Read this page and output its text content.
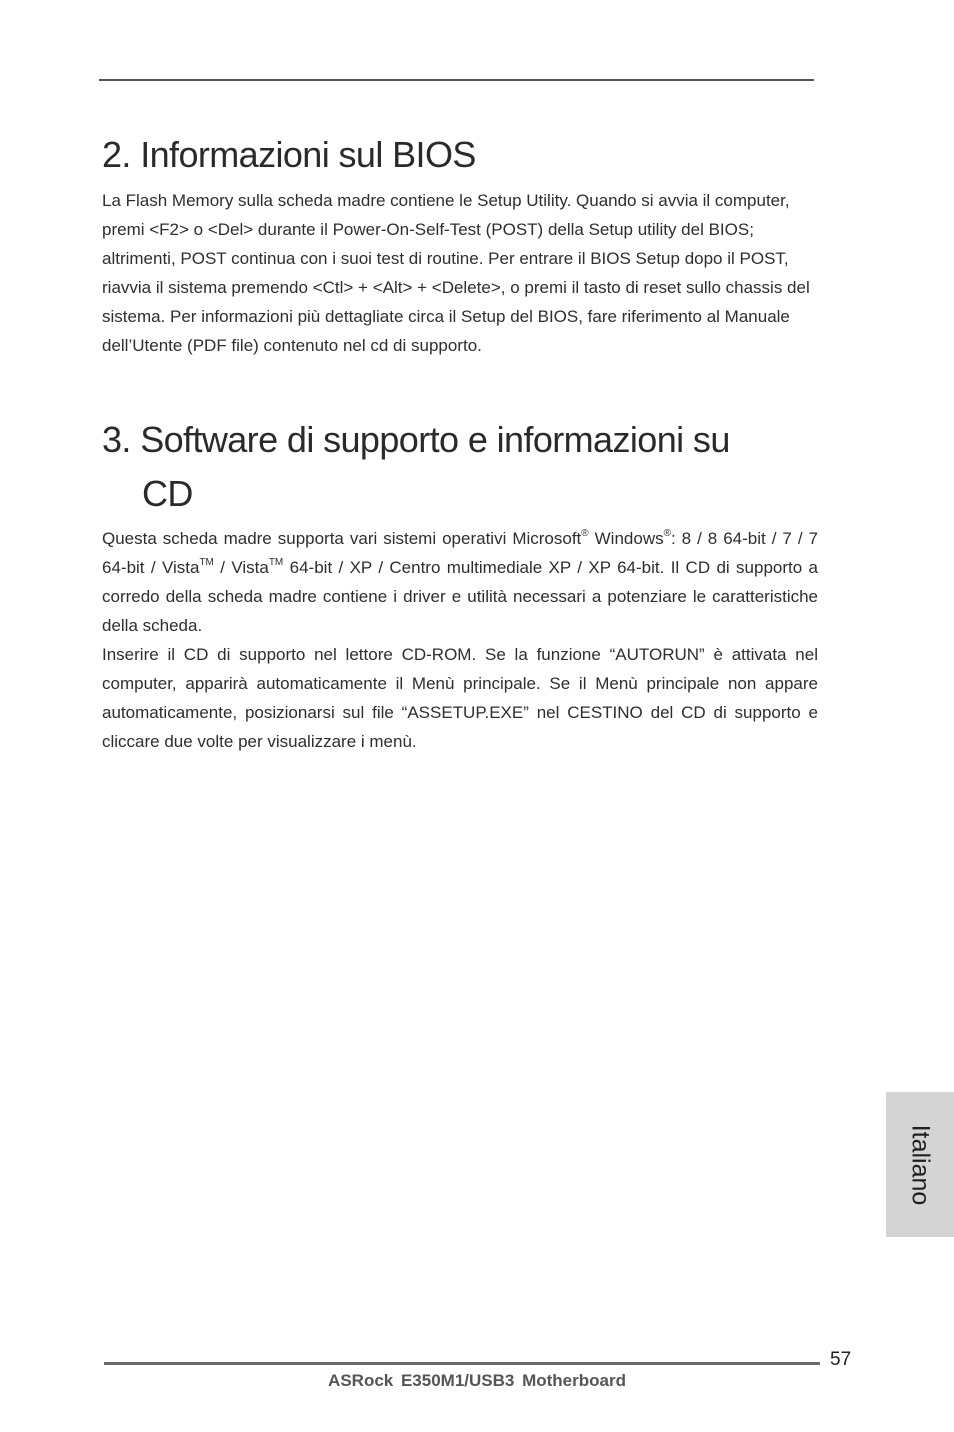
2. Informazioni sul BIOS

La Flash Memory sulla scheda madre contiene le Setup Utility. Quando si avvia il computer, premi <F2> o <Del> durante il Power-On-Self-Test (POST) della Setup utility del BIOS; altrimenti, POST continua con i suoi test di routine. Per entrare il BIOS Setup dopo il POST, riavvia il sistema premendo <Ctl> + <Alt> + <Delete>, o premi il tasto di reset sullo chassis del sistema. Per informazioni più dettagliate circa il Setup del BIOS, fare riferimento al Manuale dell’Utente (PDF file) contenuto nel cd di supporto.

3. Software di supporto e informazioni su
CD

Questa scheda madre supporta vari sistemi operativi Microsoft® Windows®: 8 / 8 64-bit / 7 / 7 64-bit / Vista™ / Vista™ 64-bit / XP / Centro multimediale XP / XP 64-bit. Il CD di supporto a corredo della scheda madre contiene i driver e utilità necessari a potenziare le caratteristiche della scheda.

Inserire il CD di supporto nel lettore CD-ROM. Se la funzione “AUTORUN” è attivata nel computer, apparirà automaticamente il Menù principale. Se il Menù principale non appare automaticamente, posizionarsi sul file “ASSETUP.EXE” nel CESTINO del CD di supporto e cliccare due volte per visualizzare i menù.

Italiano
57
ASRock E350M1/USB3 Motherboard
